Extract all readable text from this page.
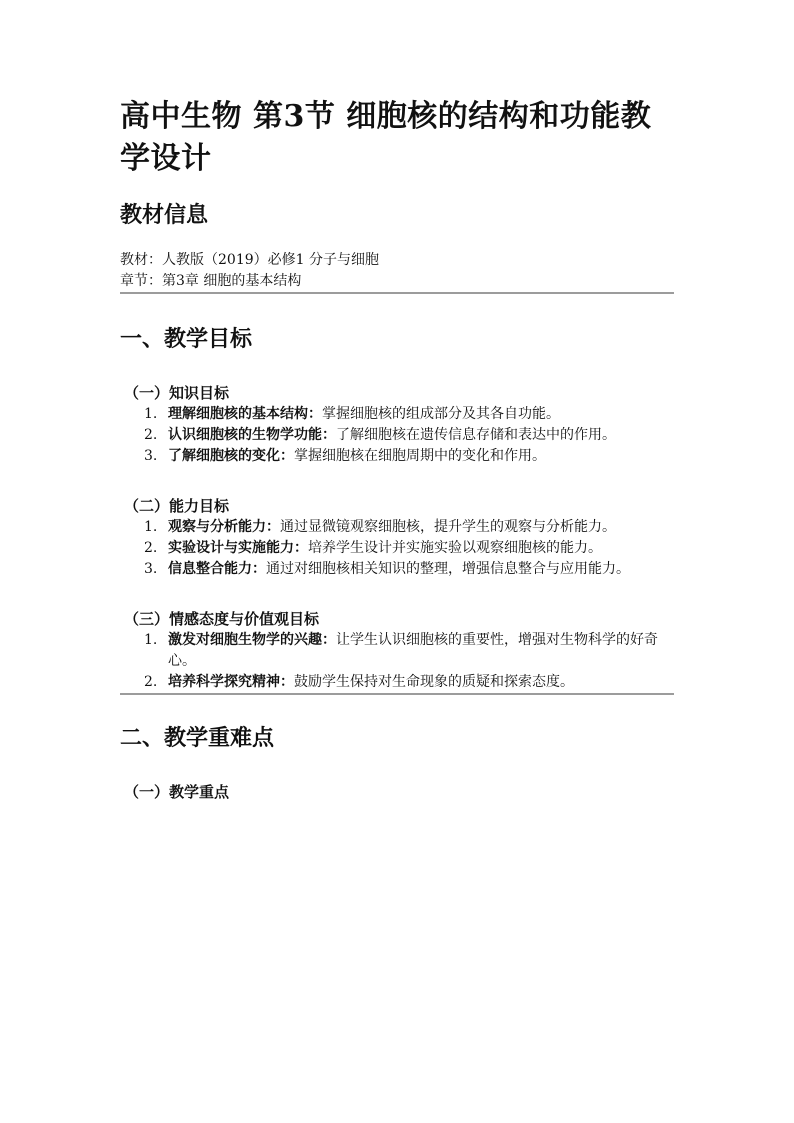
高中生物 第3节 细胞核的结构和功能教学设计
教材信息
教材：人教版（2019）必修1 分子与细胞
章节：第3章 细胞的基本结构
一、教学目标
（一）知识目标
1. 理解细胞核的基本结构：掌握细胞核的组成部分及其各自功能。
2. 认识细胞核的生物学功能：了解细胞核在遗传信息存储和表达中的作用。
3. 了解细胞核的变化：掌握细胞核在细胞周期中的变化和作用。
（二）能力目标
1. 观察与分析能力：通过显微镜观察细胞核，提升学生的观察与分析能力。
2. 实验设计与实施能力：培养学生设计并实施实验以观察细胞核的能力。
3. 信息整合能力：通过对细胞核相关知识的整理，增强信息整合与应用能力。
（三）情感态度与价值观目标
1. 激发对细胞生物学的兴趣：让学生认识细胞核的重要性，增强对生物科学的好奇心。
2. 培养科学探究精神：鼓励学生保持对生命现象的质疑和探索态度。
二、教学重难点
（一）教学重点
